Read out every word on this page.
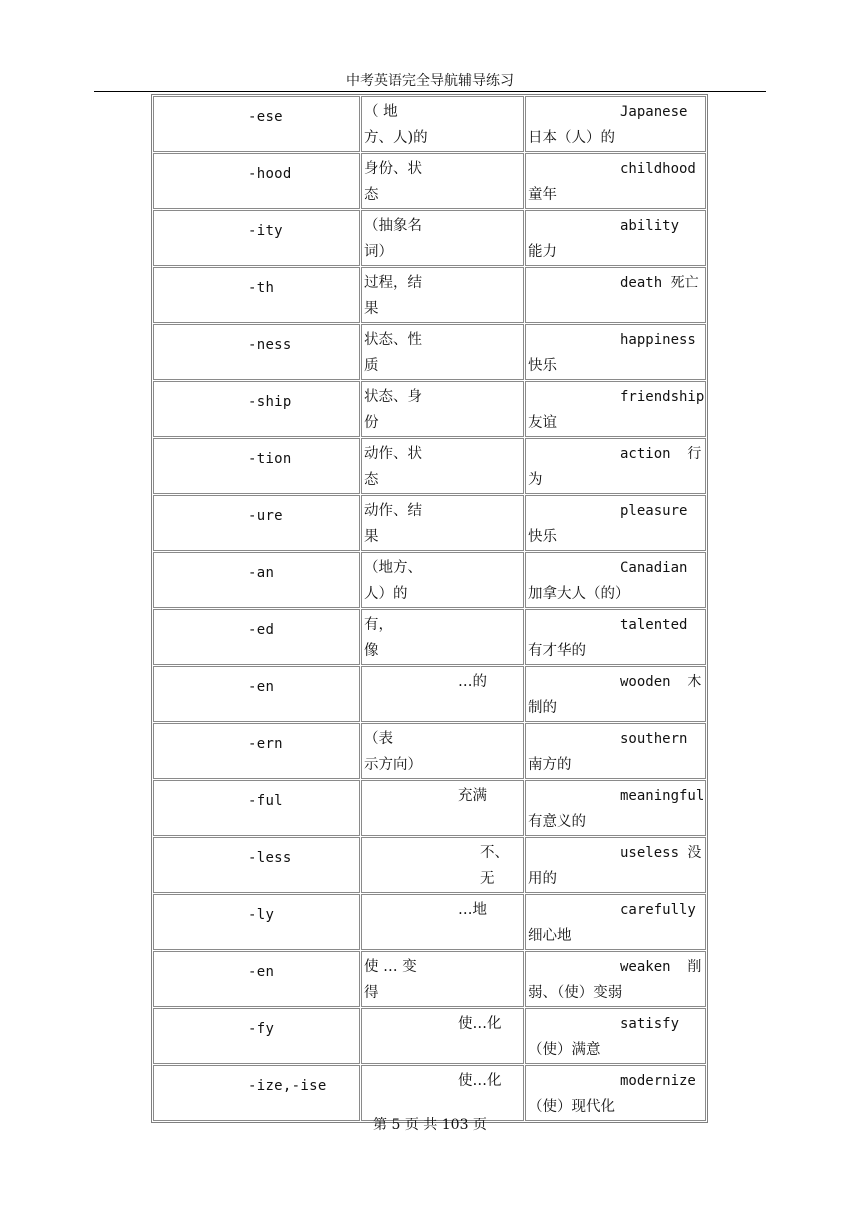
中考英语完全导航辅导练习
-ese	（ 地
方、人)的	Japanese
日本（人）的

-hood	身份、状
态	childhood
童年

-ity	（抽象名
词）	ability
能力

-th	过程，结
果	death 死亡

-ness	状态、性
质	happiness
快乐

-ship	状态、身
份	friendship
友谊

-tion	动作、状
态	action  行
为

-ure	动作、结
果	pleasure
快乐

-an	（地方、
人）的	Canadian
加拿大人（的）

-ed	有，
像	talented
有才华的

-en	…的	wooden  木
制的

-ern	（表
示方向）	southern
南方的

-ful	充满	meaningful
有意义的

-less	不、无	useless 没
用的

-ly	…地	carefully
细心地

-en	使 … 变
得	weaken  削
弱、（使）变弱

-fy	使…化	satisfy
（使）满意

-ize,-ise	使…化	modernize
（使）现代化
第 5 页 共 103 页
